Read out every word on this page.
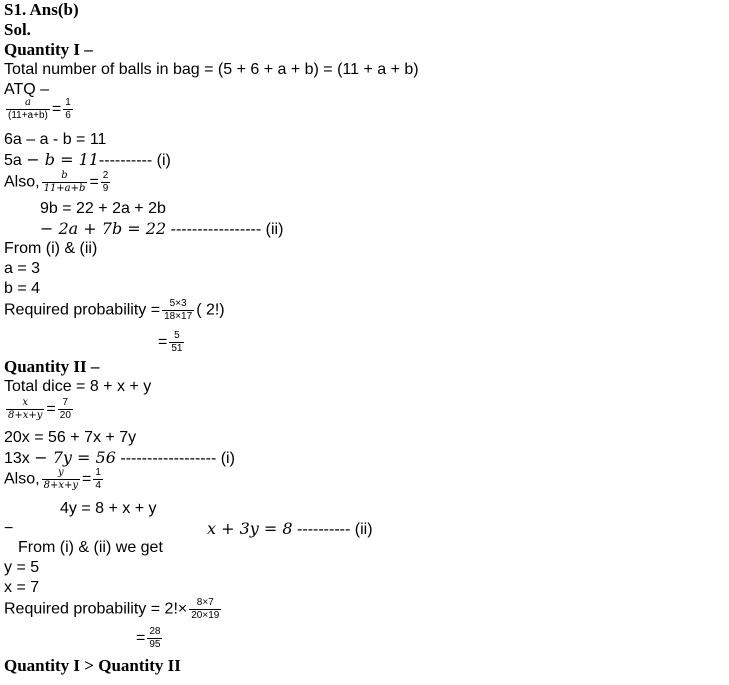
S1. Ans(b)
Sol.
Quantity I –
Total number of balls in bag = (5 + 6 + a + b) = (11 + a + b)
ATQ –
$\frac{a}{(11+a+b)} = \frac{1}{6}$
6a – a - b = 11
5a − b = 11---------- (i)
Also, $\frac{b}{11+a+b} = \frac{2}{9}$
9b = 22 + 2a + 2b
− 2a + 7b = 22 ----------------- (ii)
From (i) & (ii)
a = 3
b = 4
Required probability = $\frac{5\times 3}{18\times 17}$ ( 2!)
= $\frac{5}{51}$
Quantity II –
Total dice = 8 + x + y
$\frac{x}{8+x+y} = \frac{7}{20}$
20x = 56 + 7x + 7y
13x − 7y = 56 ------------------ (i)
Also, $\frac{y}{8+x+y} = \frac{1}{4}$
4y = 8 + x + y
−	x + 3y = 8 ---------- (ii)
From (i) & (ii) we get
y = 5
x = 7
Required probability = $2!\times \frac{8\times 7}{20\times 19}$
= $\frac{28}{95}$
Quantity I > Quantity II
